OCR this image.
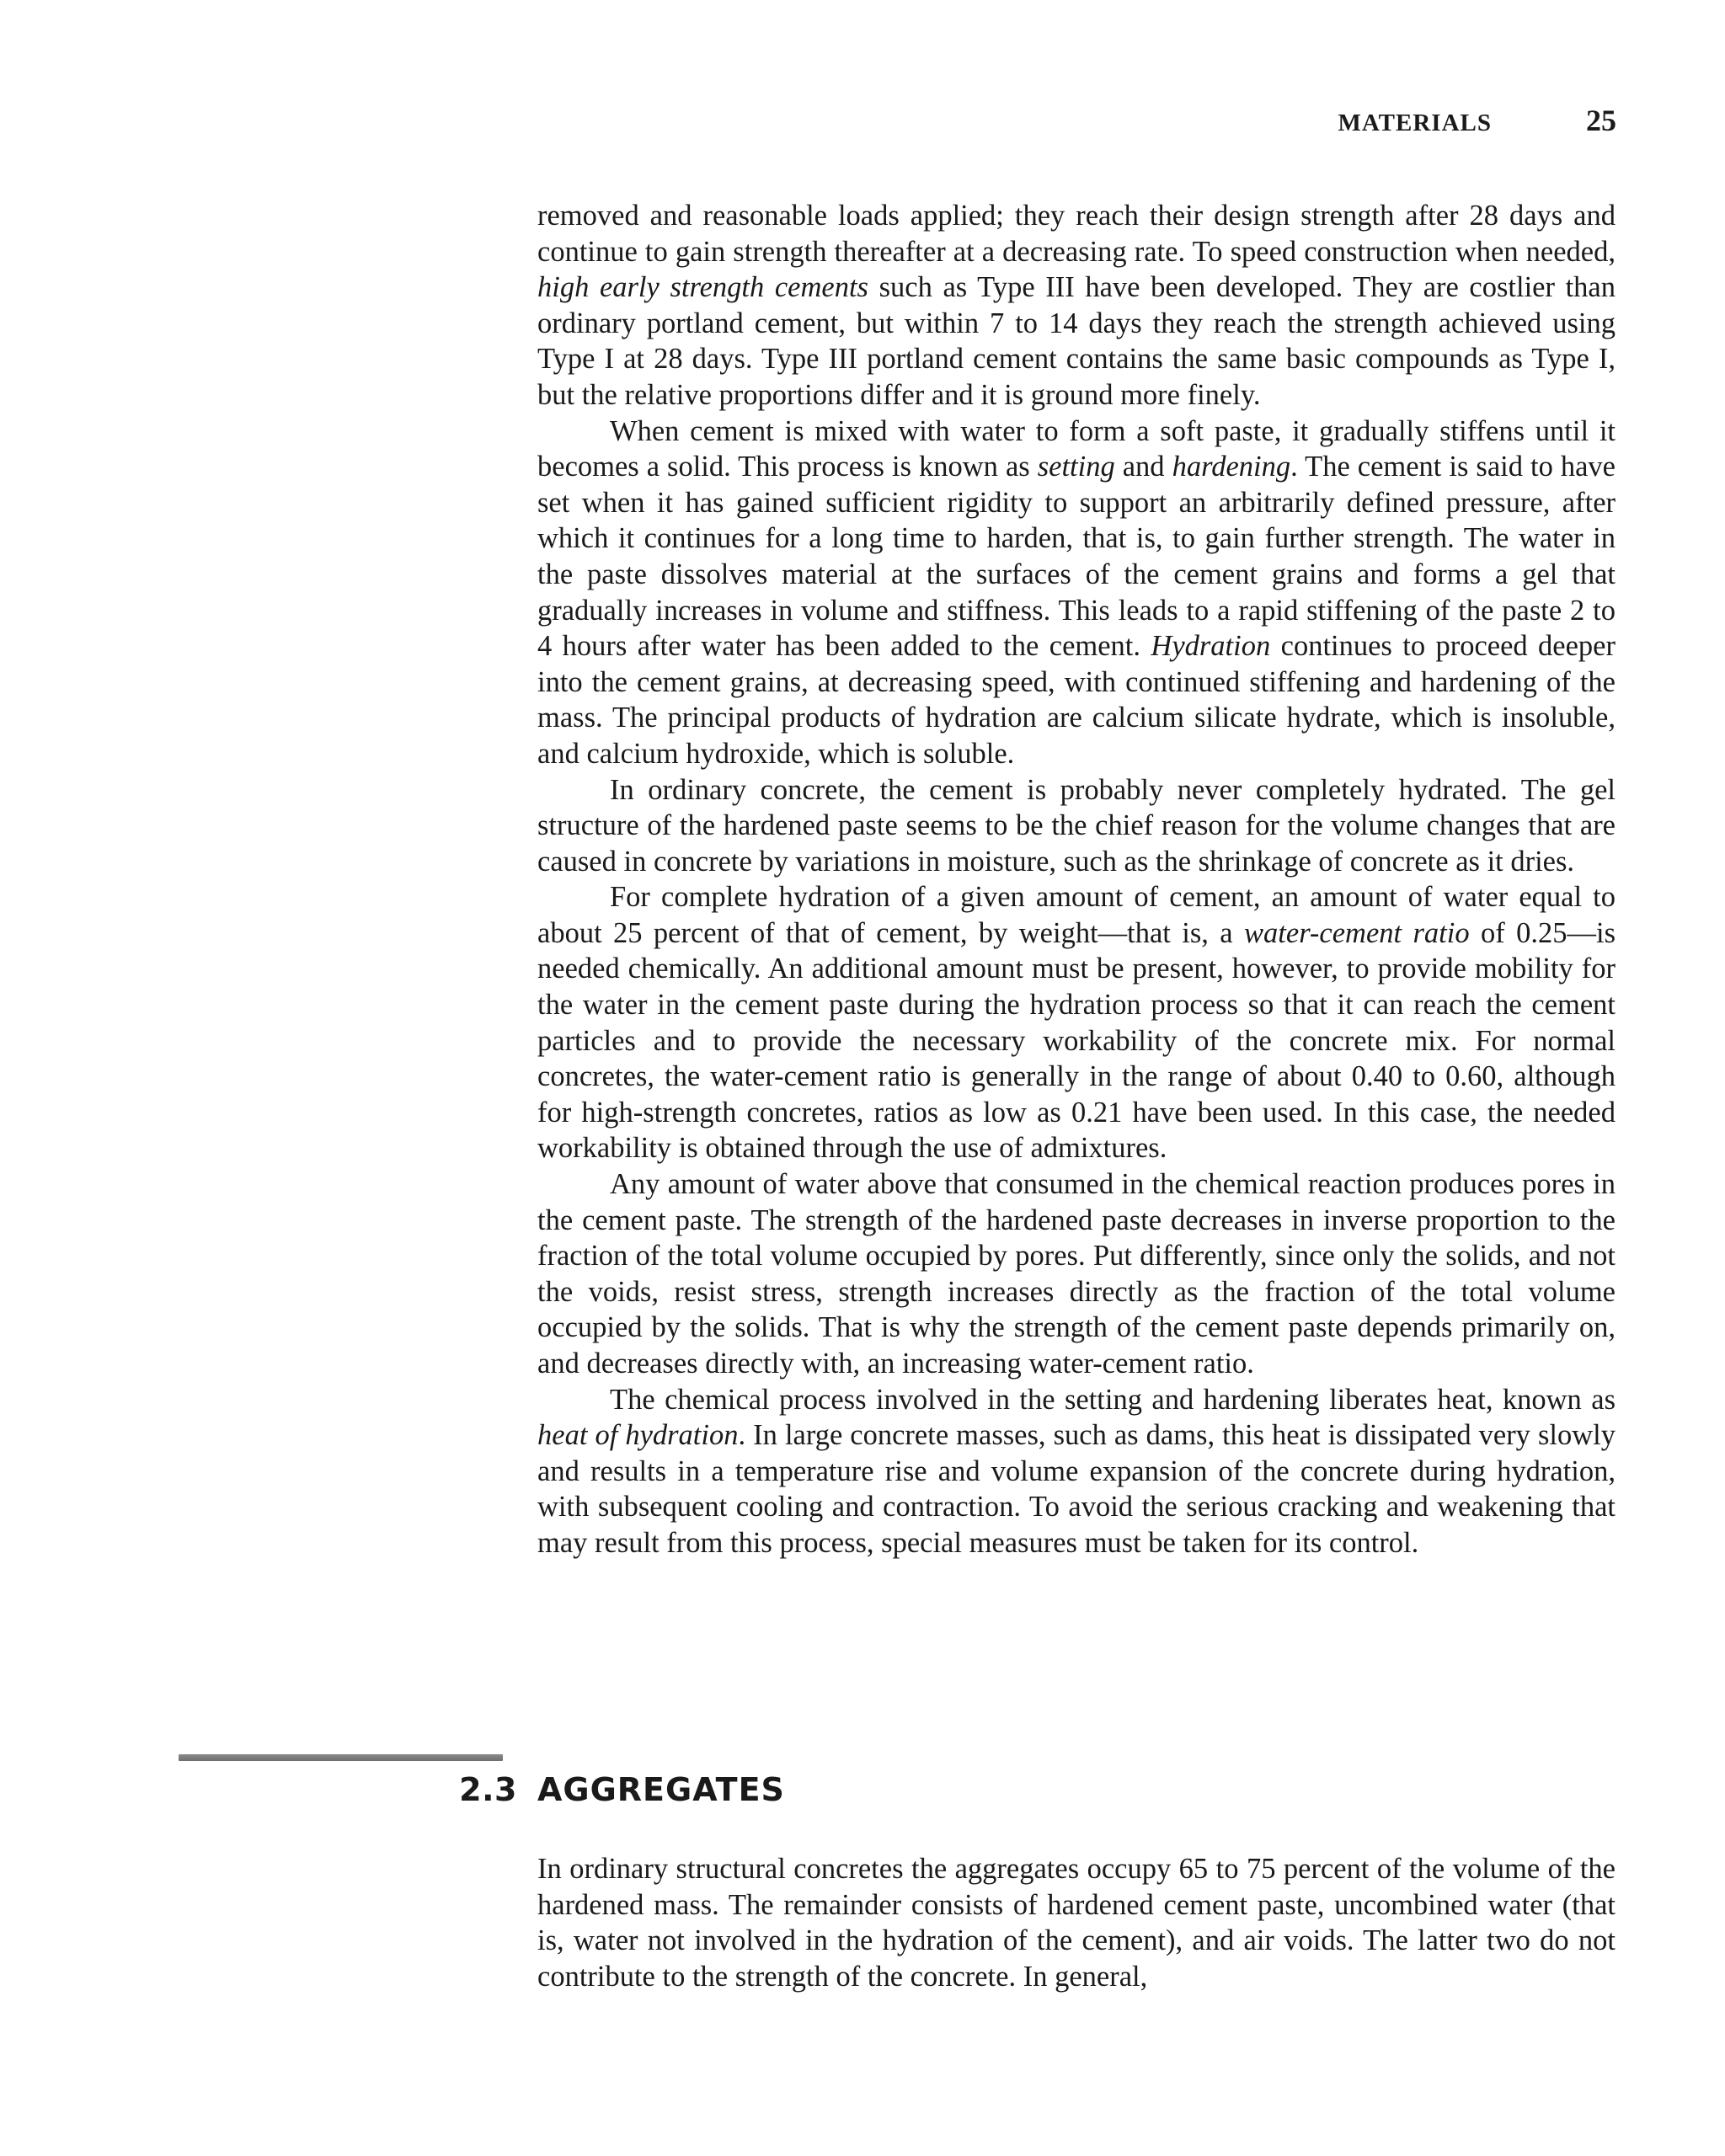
MATERIALS	25

removed and reasonable loads applied; they reach their design strength after 28 days and continue to gain strength thereafter at a decreasing rate. To speed construction when needed, high early strength cements such as Type III have been developed. They are costlier than ordinary portland cement, but within 7 to 14 days they reach the strength achieved using Type I at 28 days. Type III portland cement contains the same basic compounds as Type I, but the relative proportions differ and it is ground more finely.

When cement is mixed with water to form a soft paste, it gradually stiffens until it becomes a solid. This process is known as setting and hardening. The cement is said to have set when it has gained sufficient rigidity to support an arbitrarily defined pressure, after which it continues for a long time to harden, that is, to gain further strength. The water in the paste dissolves material at the surfaces of the cement grains and forms a gel that gradually increases in volume and stiffness. This leads to a rapid stiffening of the paste 2 to 4 hours after water has been added to the cement. Hydration continues to proceed deeper into the cement grains, at decreasing speed, with continued stiffening and hardening of the mass. The principal products of hydration are calcium silicate hydrate, which is insoluble, and calcium hydroxide, which is soluble.

In ordinary concrete, the cement is probably never completely hydrated. The gel structure of the hardened paste seems to be the chief reason for the volume changes that are caused in concrete by variations in moisture, such as the shrinkage of concrete as it dries.

For complete hydration of a given amount of cement, an amount of water equal to about 25 percent of that of cement, by weight—that is, a water-cement ratio of 0.25—is needed chemically. An additional amount must be present, however, to provide mobility for the water in the cement paste during the hydration process so that it can reach the cement particles and to provide the necessary workability of the concrete mix. For normal concretes, the water-cement ratio is generally in the range of about 0.40 to 0.60, although for high-strength concretes, ratios as low as 0.21 have been used. In this case, the needed workability is obtained through the use of admixtures.

Any amount of water above that consumed in the chemical reaction produces pores in the cement paste. The strength of the hardened paste decreases in inverse proportion to the fraction of the total volume occupied by pores. Put differently, since only the solids, and not the voids, resist stress, strength increases directly as the fraction of the total volume occupied by the solids. That is why the strength of the cement paste depends primarily on, and decreases directly with, an increasing water-cement ratio.

The chemical process involved in the setting and hardening liberates heat, known as heat of hydration. In large concrete masses, such as dams, this heat is dissipated very slowly and results in a temperature rise and volume expansion of the concrete during hydration, with subsequent cooling and contraction. To avoid the serious cracking and weakening that may result from this process, special measures must be taken for its control.

2.3 AGGREGATES

In ordinary structural concretes the aggregates occupy 65 to 75 percent of the volume of the hardened mass. The remainder consists of hardened cement paste, uncombined water (that is, water not involved in the hydration of the cement), and air voids. The latter two do not contribute to the strength of the concrete. In general,
